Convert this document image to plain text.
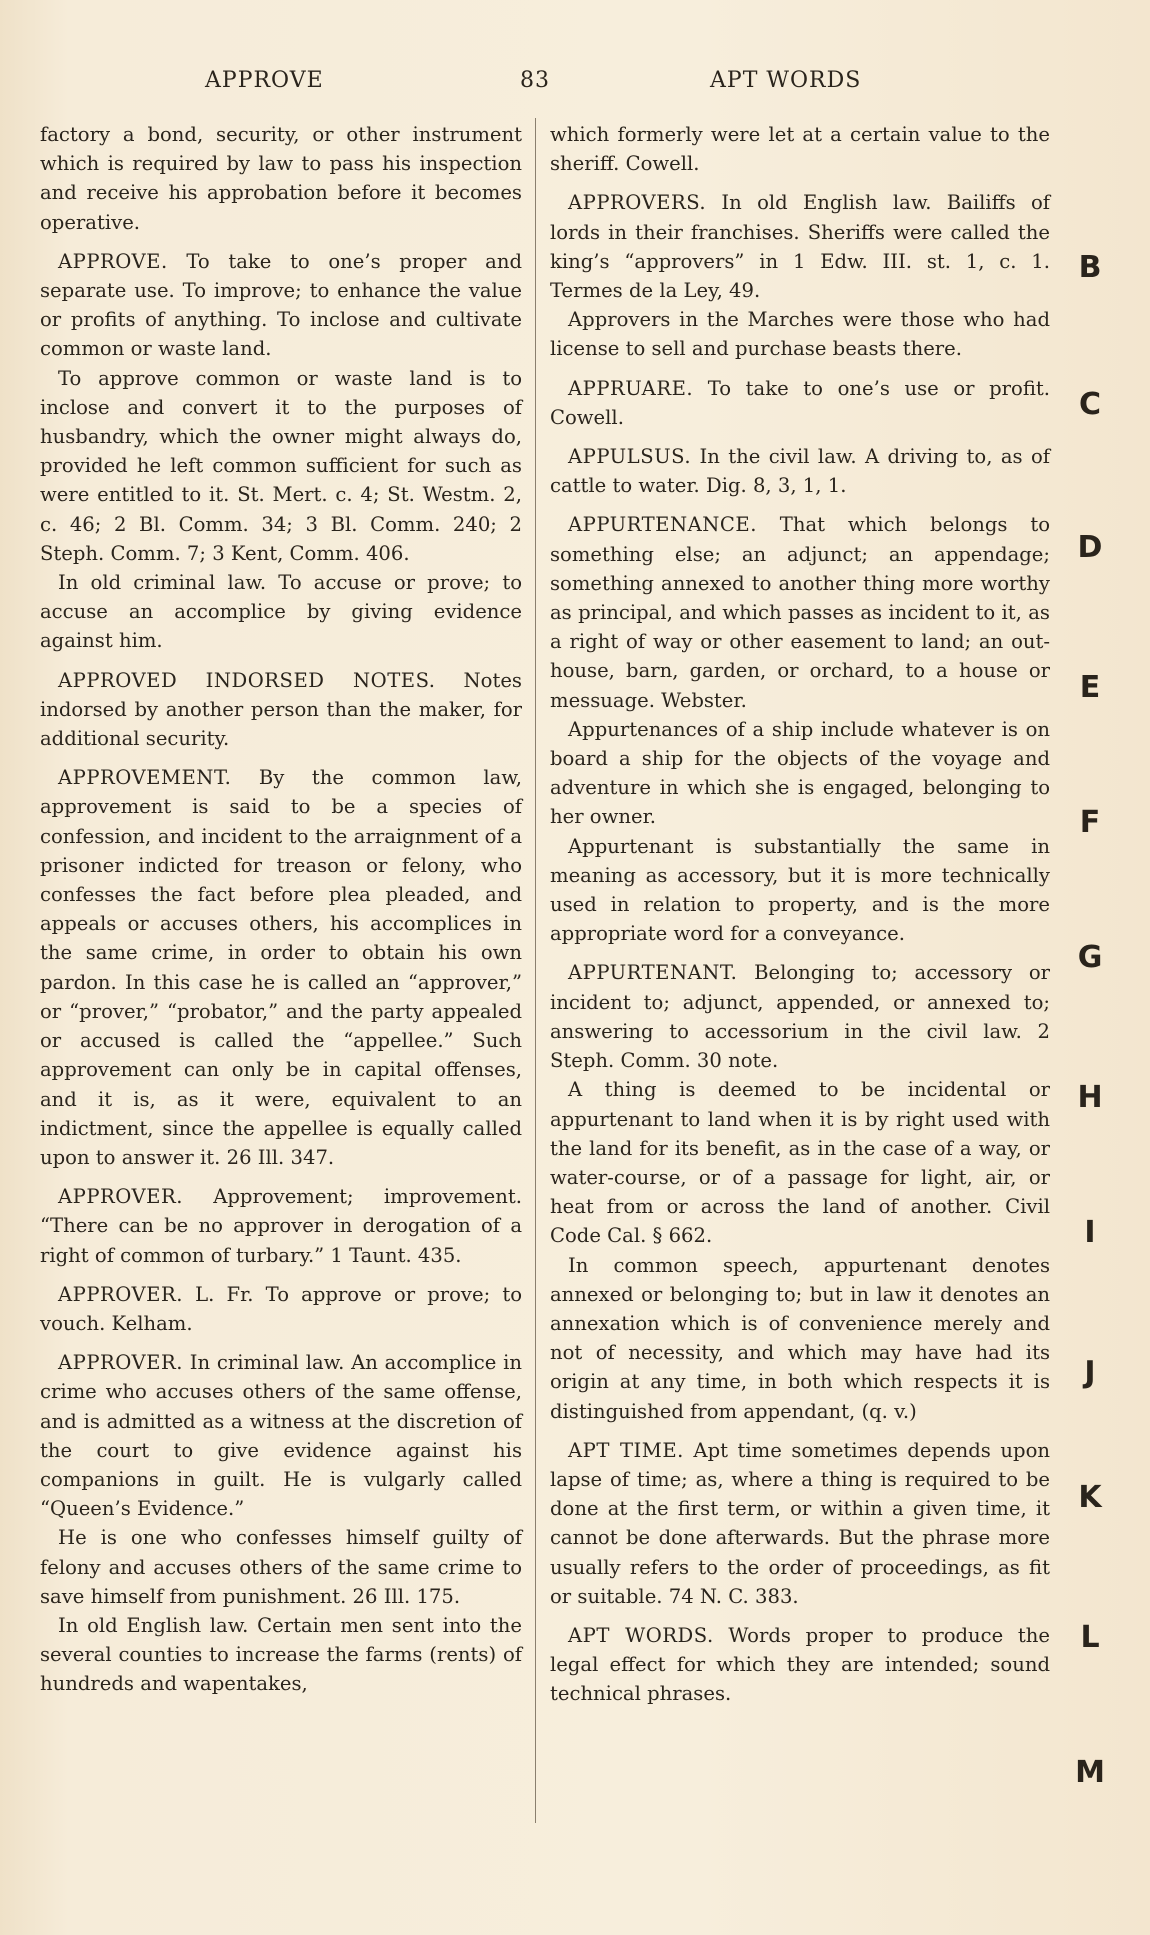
APPROVE	83	APT WORDS

factory a bond, security, or other instrument which is required by law to pass his inspection and receive his approbation before it becomes operative.

APPROVE. To take to one’s proper and separate use. To improve; to enhance the value or profits of anything. To inclose and cultivate common or waste land.

To approve common or waste land is to inclose and convert it to the purposes of husbandry, which the owner might always do, provided he left common sufficient for such as were entitled to it. St. Mert. c. 4; St. Westm. 2, c. 46; 2 Bl. Comm. 34; 3 Bl. Comm. 240; 2 Steph. Comm. 7; 3 Kent, Comm. 406.

In old criminal law. To accuse or prove; to accuse an accomplice by giving evidence against him.

APPROVED INDORSED NOTES. Notes indorsed by another person than the maker, for additional security.

APPROVEMENT. By the common law, approvement is said to be a species of confession, and incident to the arraignment of a prisoner indicted for treason or felony, who confesses the fact before plea pleaded, and appeals or accuses others, his accomplices in the same crime, in order to obtain his own pardon. In this case he is called an “approver,” or “prover,” “probator,” and the party appealed or accused is called the “appellee.” Such approvement can only be in capital offenses, and it is, as it were, equivalent to an indictment, since the appellee is equally called upon to answer it. 26 Ill. 347.

APPROVER. Approvement; improvement. “There can be no approver in derogation of a right of common of turbary.” 1 Taunt. 435.

APPROVER. L. Fr. To approve or prove; to vouch. Kelham.

APPROVER. In criminal law. An accomplice in crime who accuses others of the same offense, and is admitted as a witness at the discretion of the court to give evidence against his companions in guilt. He is vulgarly called “Queen’s Evidence.”

He is one who confesses himself guilty of felony and accuses others of the same crime to save himself from punishment. 26 Ill. 175.

In old English law. Certain men sent into the several counties to increase the farms (rents) of hundreds and wapentakes,

which formerly were let at a certain value to the sheriff. Cowell.

APPROVERS. In old English law. Bailiffs of lords in their franchises. Sheriffs were called the king’s “approvers” in 1 Edw. III. st. 1, c. 1. Termes de la Ley, 49.

Approvers in the Marches were those who had license to sell and purchase beasts there.

APPRUARE. To take to one’s use or profit. Cowell.

APPULSUS. In the civil law. A driving to, as of cattle to water. Dig. 8, 3, 1, 1.

APPURTENANCE. That which belongs to something else; an adjunct; an appendage; something annexed to another thing more worthy as principal, and which passes as incident to it, as a right of way or other easement to land; an out-house, barn, garden, or orchard, to a house or messuage. Webster.

Appurtenances of a ship include whatever is on board a ship for the objects of the voyage and adventure in which she is engaged, belonging to her owner.

Appurtenant is substantially the same in meaning as accessory, but it is more technically used in relation to property, and is the more appropriate word for a conveyance.

APPURTENANT. Belonging to; accessory or incident to; adjunct, appended, or annexed to; answering to accessorium in the civil law. 2 Steph. Comm. 30 note.

A thing is deemed to be incidental or appurtenant to land when it is by right used with the land for its benefit, as in the case of a way, or water-course, or of a passage for light, air, or heat from or across the land of another. Civil Code Cal. § 662.

In common speech, appurtenant denotes annexed or belonging to; but in law it denotes an annexation which is of convenience merely and not of necessity, and which may have had its origin at any time, in both which respects it is distinguished from appendant, (q. v.)

APT TIME. Apt time sometimes depends upon lapse of time; as, where a thing is required to be done at the first term, or within a given time, it cannot be done afterwards. But the phrase more usually refers to the order of proceedings, as fit or suitable. 74 N. C. 383.

APT WORDS. Words proper to produce the legal effect for which they are intended; sound technical phrases.

B
C
D
E
F
G
H
I
J
K
L
M
